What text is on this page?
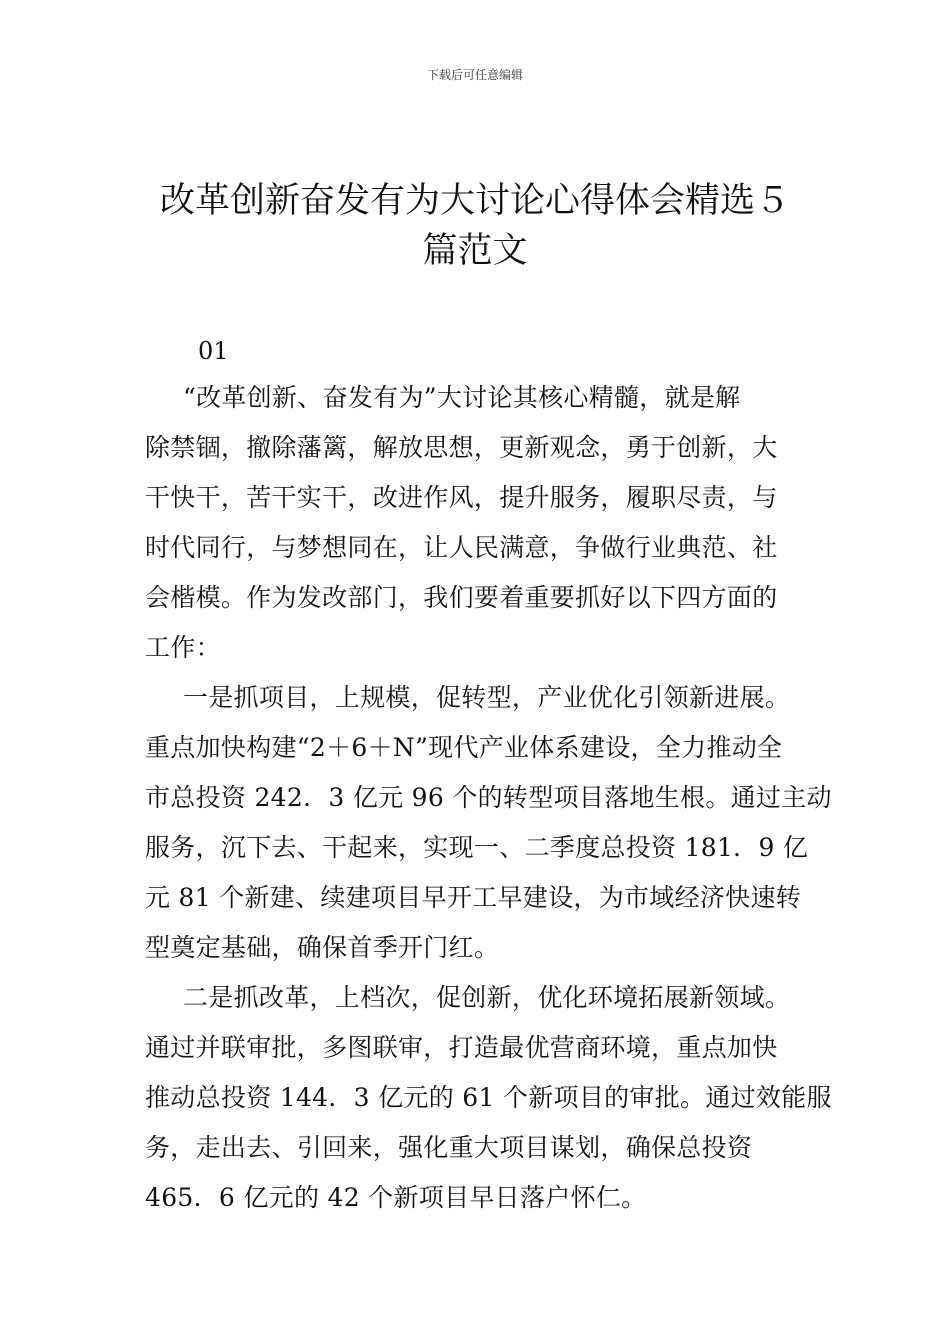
下载后可任意编辑
改革创新奋发有为大讨论心得体会精选５
篇范文
01
“改革创新、奋发有为”大讨论其核心精髓，就是解
除禁锢，撤除藩篱，解放思想，更新观念，勇于创新，大
干快干，苦干实干，改进作风，提升服务，履职尽责，与
时代同行，与梦想同在，让人民满意，争做行业典范、社
会楷模。作为发改部门，我们要着重要抓好以下四方面的
工作：
一是抓项目，上规模，促转型，产业优化引领新进展。
重点加快构建“2＋6＋N”现代产业体系建设，全力推动全
市总投资 242．3 亿元 96 个的转型项目落地生根。通过主动
服务，沉下去、干起来，实现一、二季度总投资 181．9 亿
元 81 个新建、续建项目早开工早建设，为市域经济快速转
型奠定基础，确保首季开门红。
二是抓改革，上档次，促创新，优化环境拓展新领域。
通过并联审批，多图联审，打造最优营商环境，重点加快
推动总投资 144．3 亿元的 61 个新项目的审批。通过效能服
务，走出去、引回来，强化重大项目谋划，确保总投资
465．6 亿元的 42 个新项目早日落户怀仁。
